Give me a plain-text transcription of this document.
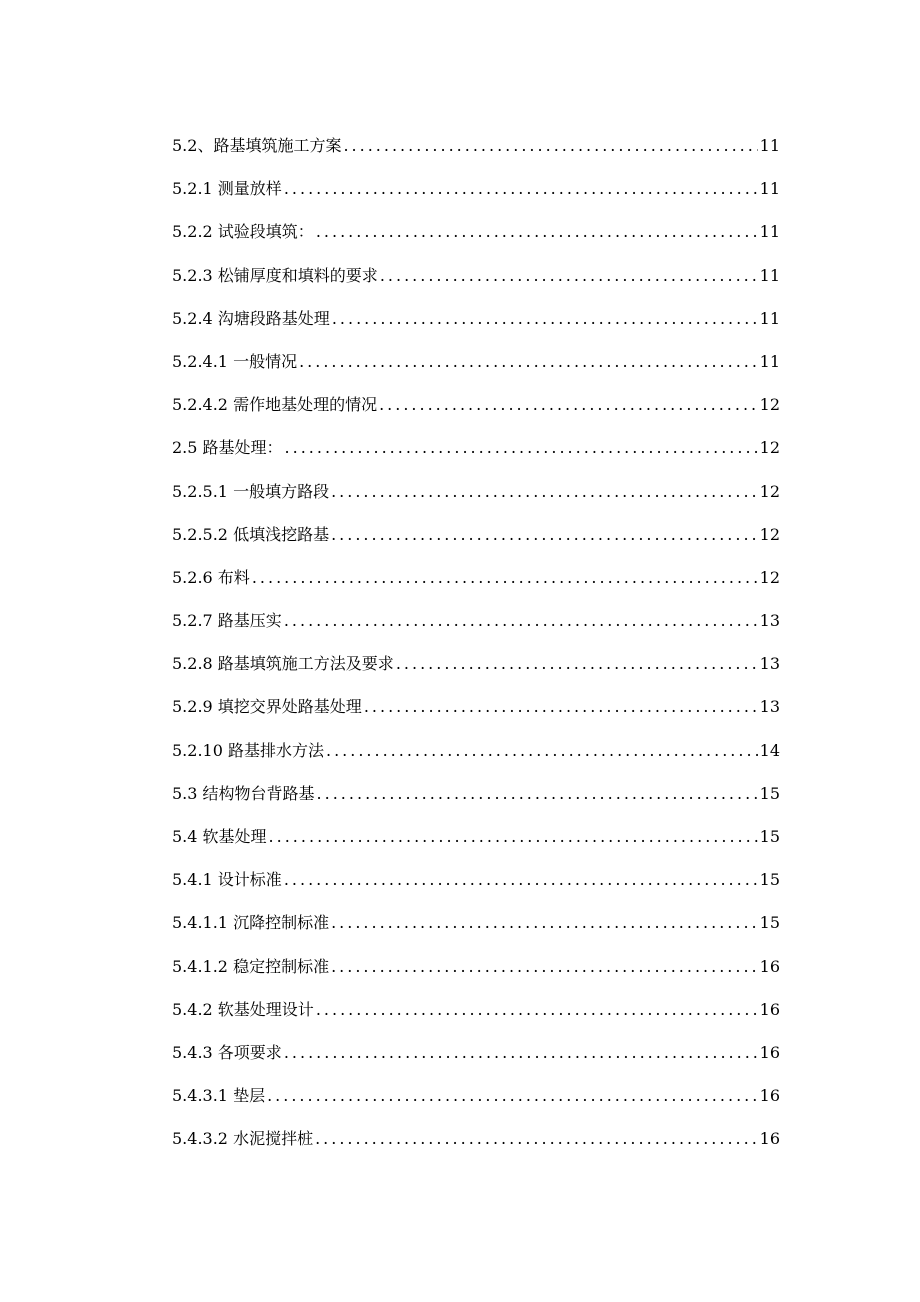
5.2、路基填筑施工方案 .....	11
5.2.1 测量放样 .....	11
5.2.2 试验段填筑： .....	11
5.2.3 松铺厚度和填料的要求 .....	11
5.2.4 沟塘段路基处理 .....	11
5.2.4.1 一般情况 .....	11
5.2.4.2 需作地基处理的情况 .....	12
2.5 路基处理： .....	12
5.2.5.1 一般填方路段 .....	12
5.2.5.2 低填浅挖路基 .....	12
5.2.6 布料 .....	12
5.2.7 路基压实 .....	13
5.2.8 路基填筑施工方法及要求 .....	13
5.2.9 填挖交界处路基处理 .....	13
5.2.10 路基排水方法 .....	14
5.3 结构物台背路基 .....	15
5.4 软基处理 .....	15
5.4.1 设计标准 .....	15
5.4.1.1 沉降控制标准 .....	15
5.4.1.2 稳定控制标准 .....	16
5.4.2 软基处理设计 .....	16
5.4.3 各项要求 .....	16
5.4.3.1 垫层 .....	16
5.4.3.2 水泥搅拌桩 .....	16
